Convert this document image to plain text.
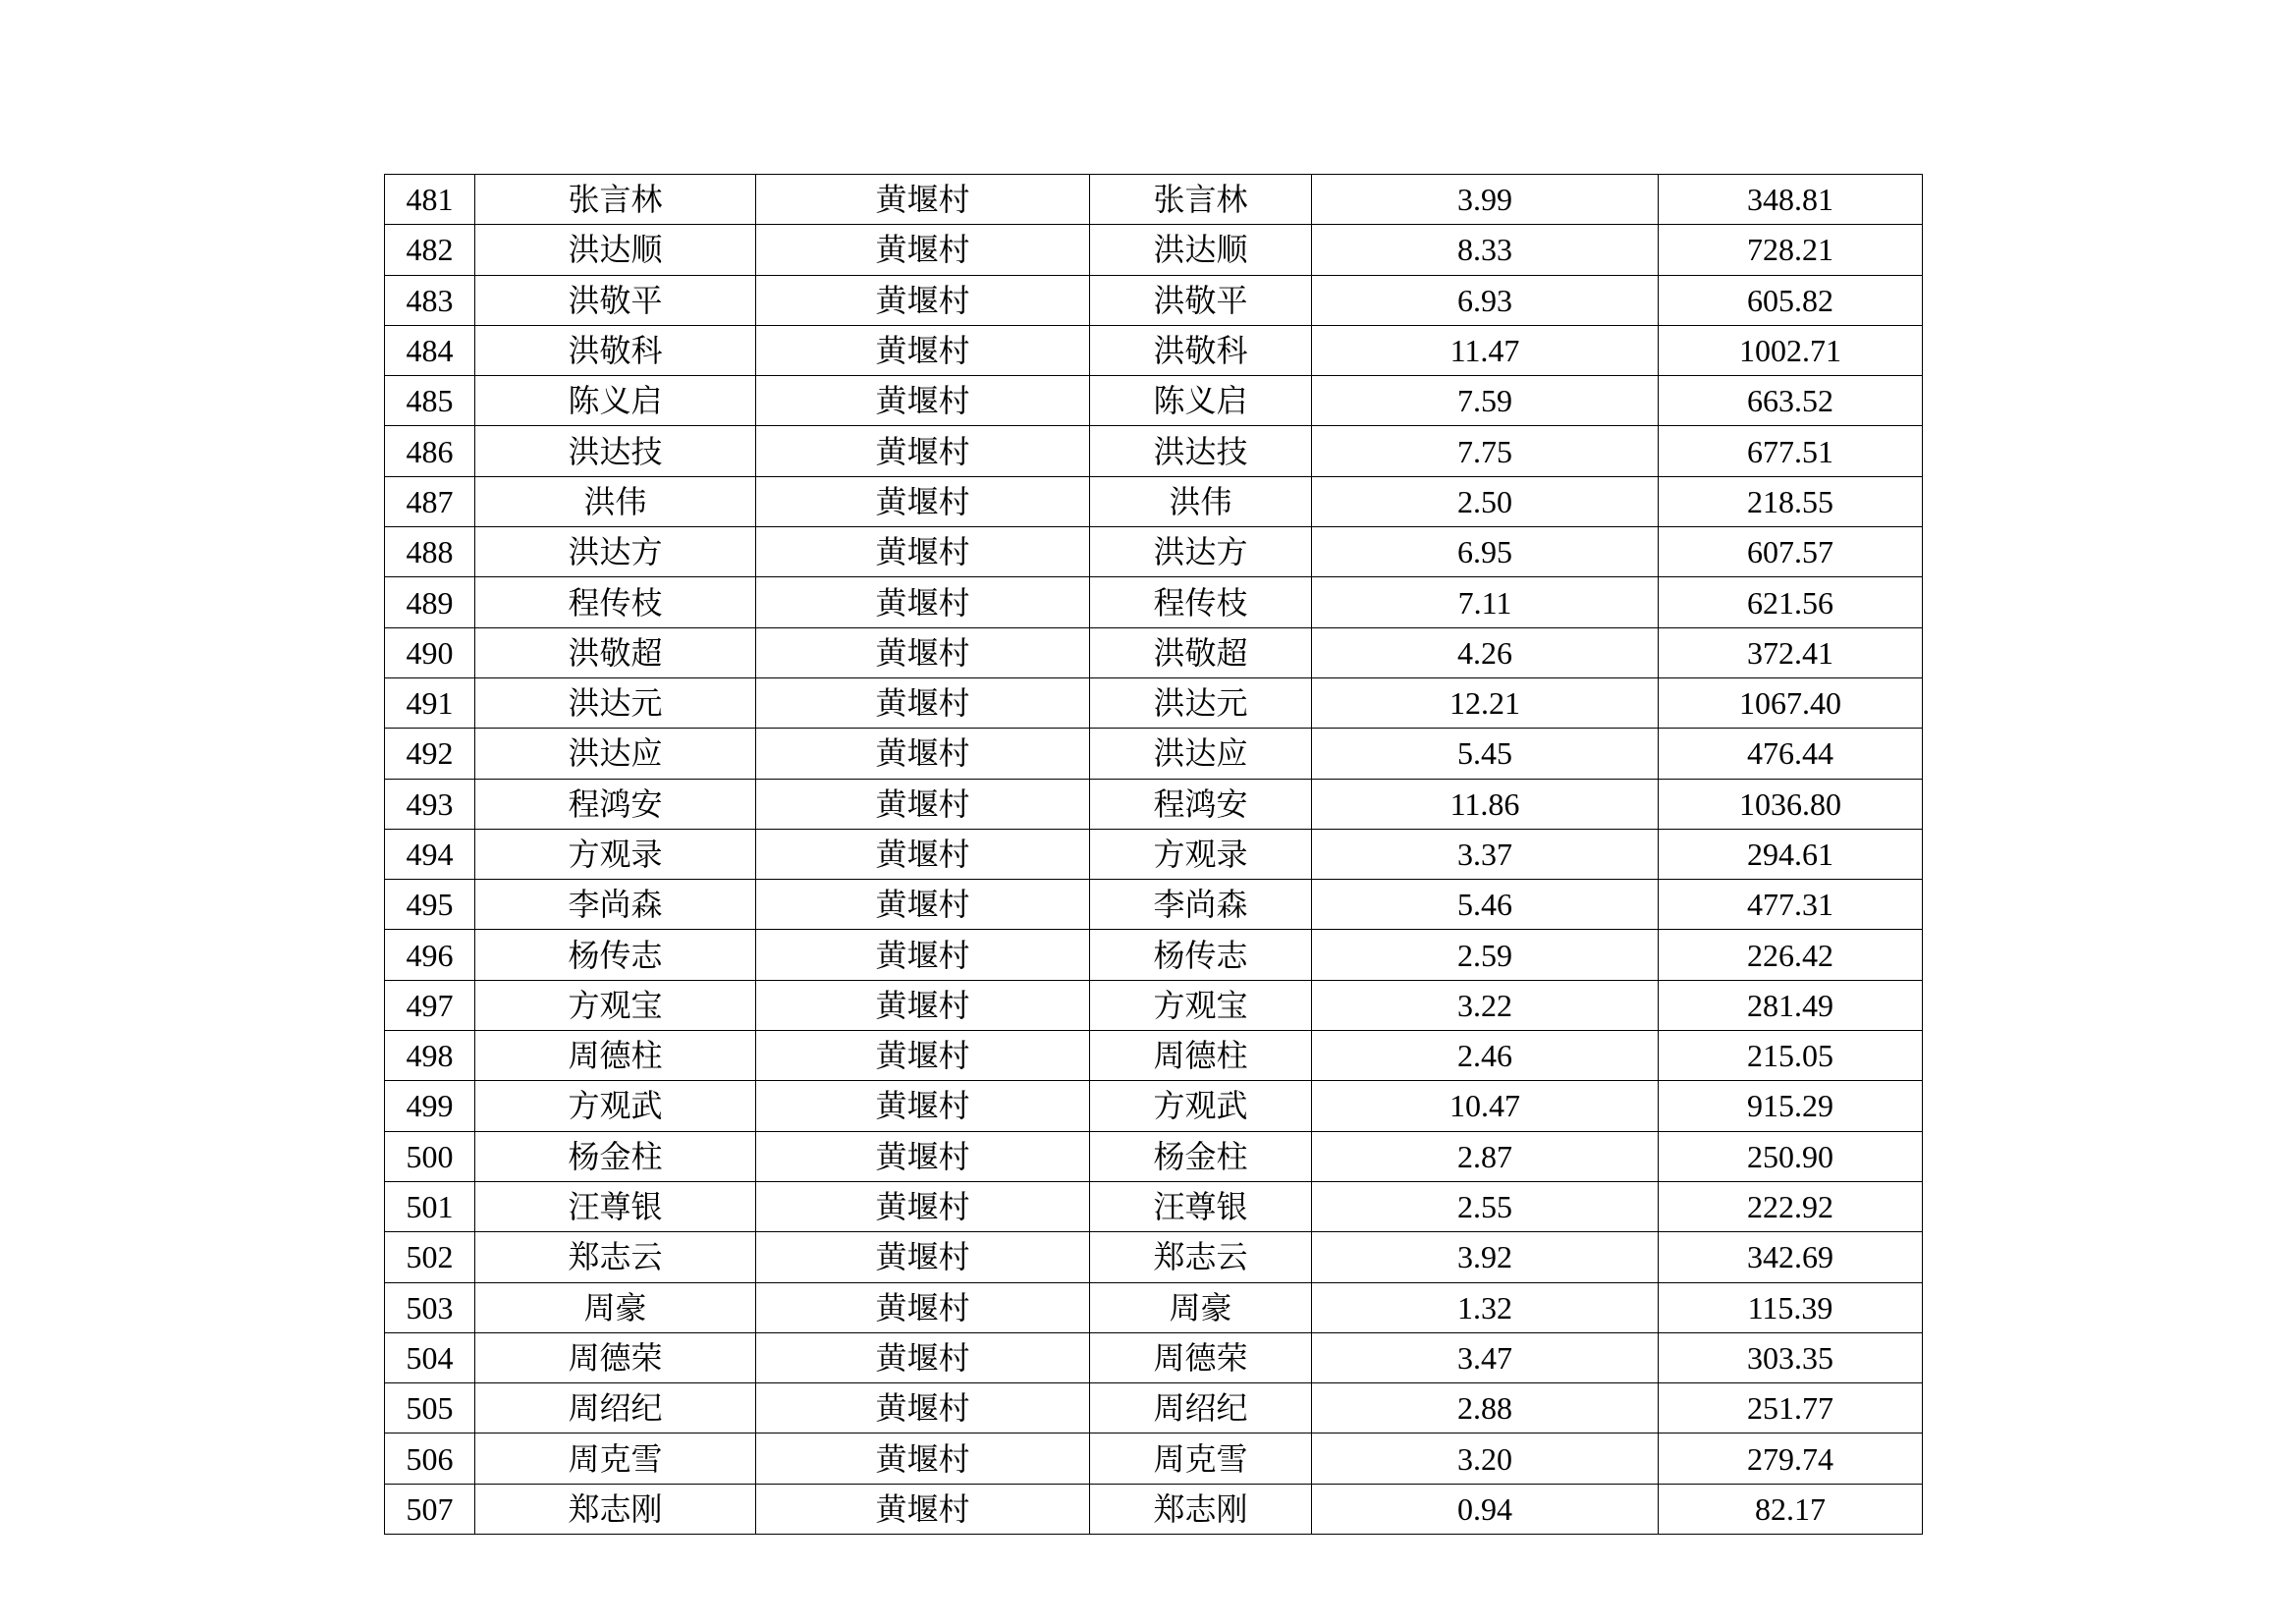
481	张言林	黄堰村	张言林	3.99	348.81
482	洪达顺	黄堰村	洪达顺	8.33	728.21
483	洪敬平	黄堰村	洪敬平	6.93	605.82
484	洪敬科	黄堰村	洪敬科	11.47	1002.71
485	陈义启	黄堰村	陈义启	7.59	663.52
486	洪达技	黄堰村	洪达技	7.75	677.51
487	洪伟	黄堰村	洪伟	2.50	218.55
488	洪达方	黄堰村	洪达方	6.95	607.57
489	程传枝	黄堰村	程传枝	7.11	621.56
490	洪敬超	黄堰村	洪敬超	4.26	372.41
491	洪达元	黄堰村	洪达元	12.21	1067.40
492	洪达应	黄堰村	洪达应	5.45	476.44
493	程鸿安	黄堰村	程鸿安	11.86	1036.80
494	方观录	黄堰村	方观录	3.37	294.61
495	李尚森	黄堰村	李尚森	5.46	477.31
496	杨传志	黄堰村	杨传志	2.59	226.42
497	方观宝	黄堰村	方观宝	3.22	281.49
498	周德柱	黄堰村	周德柱	2.46	215.05
499	方观武	黄堰村	方观武	10.47	915.29
500	杨金柱	黄堰村	杨金柱	2.87	250.90
501	汪尊银	黄堰村	汪尊银	2.55	222.92
502	郑志云	黄堰村	郑志云	3.92	342.69
503	周豪	黄堰村	周豪	1.32	115.39
504	周德荣	黄堰村	周德荣	3.47	303.35
505	周绍纪	黄堰村	周绍纪	2.88	251.77
506	周克雪	黄堰村	周克雪	3.20	279.74
507	郑志刚	黄堰村	郑志刚	0.94	82.17
